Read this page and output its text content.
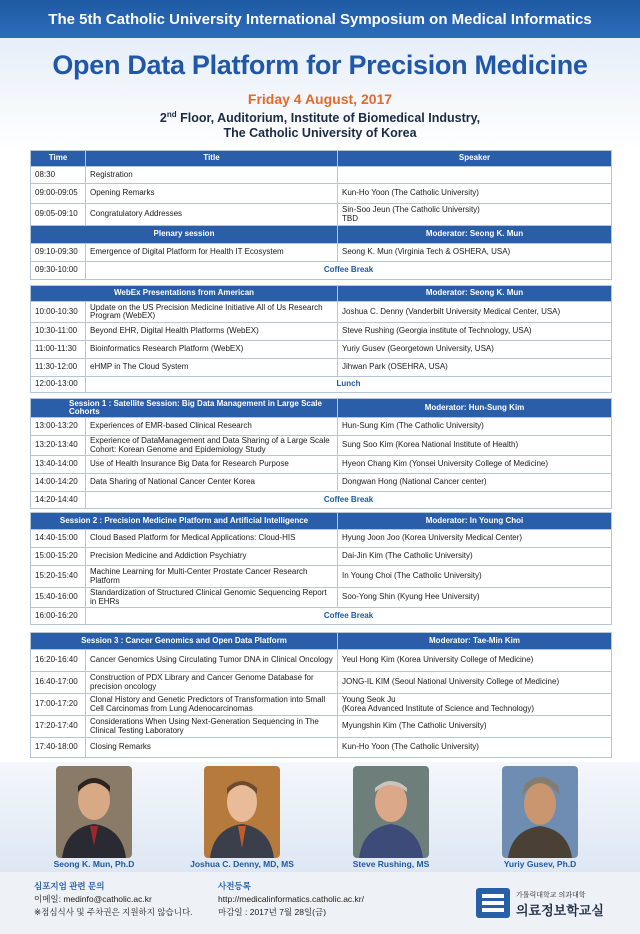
The 5th Catholic University International Symposium on Medical Informatics
Open Data Platform for Precision Medicine
Friday 4 August, 2017
2nd Floor, Auditorium, Institute of Biomedical Industry,
The Catholic University of Korea
Time	Title	Speaker
08:30	Registration	
09:00-09:05	Opening Remarks	Kun-Ho Yoon (The Catholic University)
09:05-09:10	Congratulatory Addresses	Sin-Soo Jeun (The Catholic University)
TBD

Plenary session		Moderator: Seong K. Mun
09:10-09:30	Emergence of Digital Platform for Health IT Ecosystem	Seong K. Mun (Virginia Tech & OSHERA, USA)
09:30-10:00	Coffee Break	
WebEx Presentations from American		Moderator: Seong K. Mun
10:00-10:30	Update on the US Precision Medicine Initiative All of Us Research Program (WebEX)	Joshua C. Denny (Vanderbilt University Medical Center, USA)
10:30-11:00	Beyond EHR, Digital Health Platforms (WebEX)	Steve Rushing (Georgia institute of Technology, USA)
11:00-11:30	Bioinformatics Research Platform (WebEX)	Yuriy Gusev (Georgetown University, USA)
11:30-12:00	eHMP in The Cloud System	Jihwan Park (OSEHRA, USA)
12:00-13:00	Lunch	
Session 1 : Satellite Session: Big Data Management in Large Scale Cohorts		Moderator: Hun-Sung Kim
13:00-13:20	Experiences of EMR-based Clinical Research	Hun-Sung Kim (The Catholic University)
13:20-13:40	Experience of DataManagement and Data Sharing of a Large Scale Cohort: Korean Genome and Epidemiology Study	Sung Soo Kim (Korea National Institute of Health)
13:40-14:00	Use of Health Insurance Big Data for Research Purpose	Hyeon Chang Kim (Yonsei University College of Medicine)
14:00-14:20	Data Sharing of National Cancer Center Korea	Dongwan Hong (National Cancer center)
14:20-14:40	Coffee Break	
Session 2 : Precision Medicine Platform and Artificial Intelligence		Moderator: In Young Choi
14:40-15:00	Cloud Based Platform for Medical Applications: Cloud-HIS	Hyung Joon Joo (Korea University Medical Center)
15:00-15:20	Precision Medicine and Addiction Psychiatry	Dai-Jin Kim (The Catholic University)
15:20-15:40	Machine Learning for Multi-Center Prostate Cancer Research Platform	In Young Choi (The Catholic University)
15:40-16:00	Standardization of Structured Clinical Genomic Sequencing Report in EHRs	Soo-Yong Shin (Kyung Hee University)
16:00-16:20	Coffee Break	
Session 3 : Cancer Genomics and Open Data Platform		Moderator: Tae-Min Kim
16:20-16:40	Cancer Genomics Using Circulating Tumor DNA in Clinical Oncology	Yeul Hong Kim (Korea University College of Medicine)
16:40-17:00	Construction of PDX Library and Cancer Genome Database for precision oncology	JONG-IL KIM (Seoul National University College of Medicine)
17:00-17:20	Clonal History and Genetic Predictors of Transformation into Small Cell Carcinomas from Lung Adenocarcinomas	Young Seok Ju
(Korea Advanced Institute of Science and Technology)

17:20-17:40	Considerations When Using Next-Generation Sequencing in The Clinical Testing Laboratory	Myungshin Kim (The Catholic University)
17:40-18:00	Closing Remarks	Kun-Ho Yoon (The Catholic University)
Seong K. Mun, Ph.D	Joshua C. Denny, MD, MS	Steve Rushing, MS	Yuriy Gusev, Ph.D
심포지엄 관련 문의
이메일: medinfo@catholic.ac.kr
※점심식사 및 주차권은 지원하지 않습니다.
사전등록
http://medicalinformatics.catholic.ac.kr/
마감일 : 2017년 7월 28일(금)
가톨릭대학교 의과대학
의료정보학교실
